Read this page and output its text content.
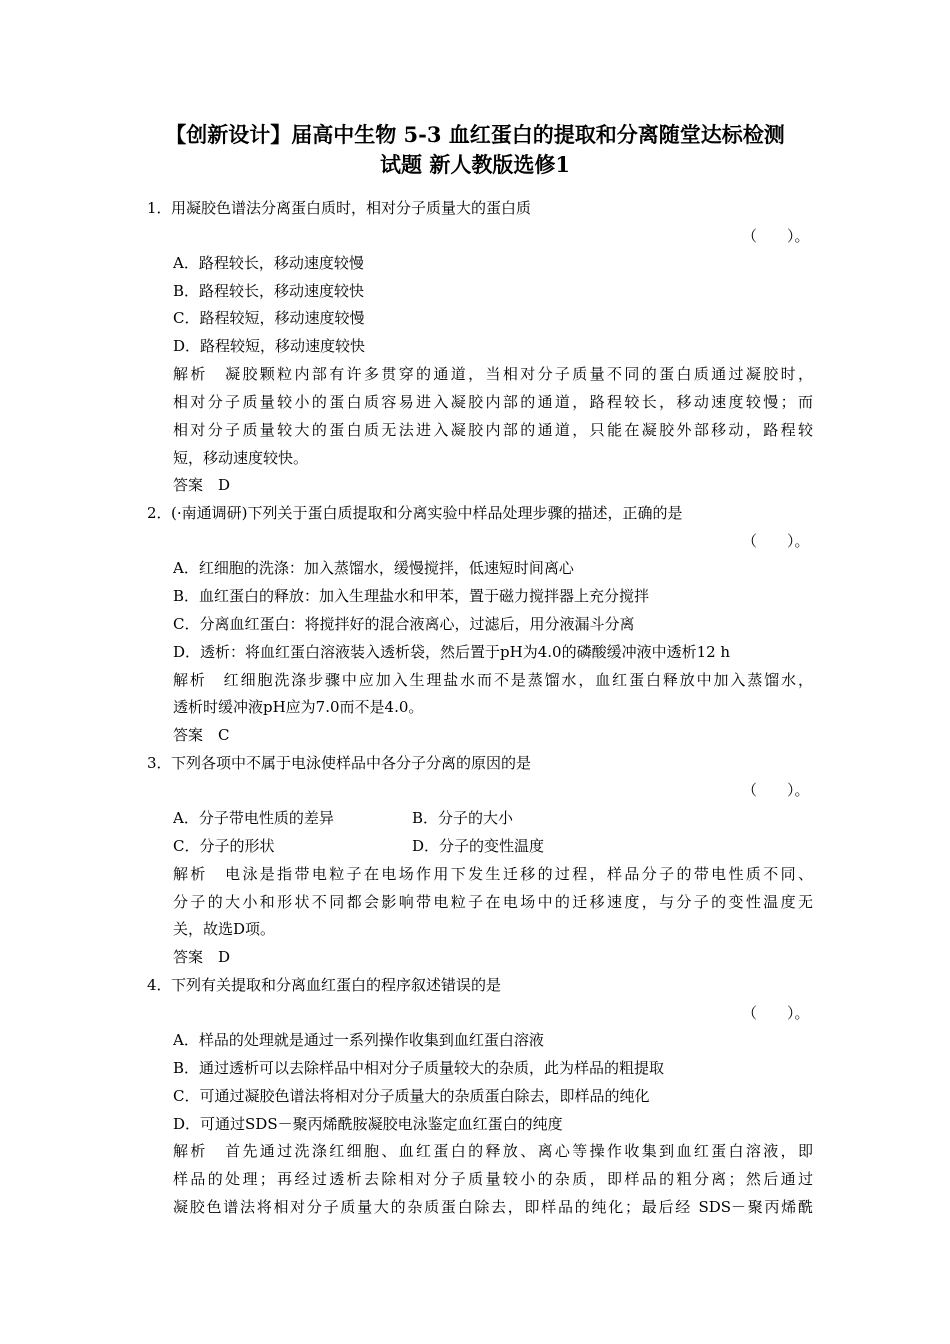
【创新设计】届高中生物 5-3 血红蛋白的提取和分离随堂达标检测
试题 新人教版选修1
1．用凝胶色谱法分离蛋白质时，相对分子质量大的蛋白质
（　　）。
A．路程较长，移动速度较慢
B．路程较长，移动速度较快
C．路程较短，移动速度较慢
D．路程较短，移动速度较快
解析　凝胶颗粒内部有许多贯穿的通道，当相对分子质量不同的蛋白质通过凝胶时，
相对分子质量较小的蛋白质容易进入凝胶内部的通道，路程较长，移动速度较慢；而
相对分子质量较大的蛋白质无法进入凝胶内部的通道，只能在凝胶外部移动，路程较
短，移动速度较快。
答案　D
2．(·南通调研)下列关于蛋白质提取和分离实验中样品处理步骤的描述，正确的是
（　　）。
A．红细胞的洗涤：加入蒸馏水，缓慢搅拌，低速短时间离心
B．血红蛋白的释放：加入生理盐水和甲苯，置于磁力搅拌器上充分搅拌
C．分离血红蛋白：将搅拌好的混合液离心，过滤后，用分液漏斗分离
D．透析：将血红蛋白溶液装入透析袋，然后置于pH为4.0的磷酸缓冲液中透析12 h
解析　红细胞洗涤步骤中应加入生理盐水而不是蒸馏水，血红蛋白释放中加入蒸馏水，
透析时缓冲液pH应为7.0而不是4.0。
答案　C
3．下列各项中不属于电泳使样品中各分子分离的原因的是
（　　）。
A．分子带电性质的差异	B．分子的大小
C．分子的形状	D．分子的变性温度
解析　电泳是指带电粒子在电场作用下发生迁移的过程，样品分子的带电性质不同、
分子的大小和形状不同都会影响带电粒子在电场中的迁移速度，与分子的变性温度无
关，故选D项。
答案　D
4．下列有关提取和分离血红蛋白的程序叙述错误的是
（　　）。
A．样品的处理就是通过一系列操作收集到血红蛋白溶液
B．通过透析可以去除样品中相对分子质量较大的杂质，此为样品的粗提取
C．可通过凝胶色谱法将相对分子质量大的杂质蛋白除去，即样品的纯化
D．可通过SDS－聚丙烯酰胺凝胶电泳鉴定血红蛋白的纯度
解析　首先通过洗涤红细胞、血红蛋白的释放、离心等操作收集到血红蛋白溶液，即
样品的处理；再经过透析去除相对分子质量较小的杂质，即样品的粗分离；然后通过
凝胶色谱法将相对分子质量大的杂质蛋白除去，即样品的纯化；最后经 SDS－聚丙烯酰
